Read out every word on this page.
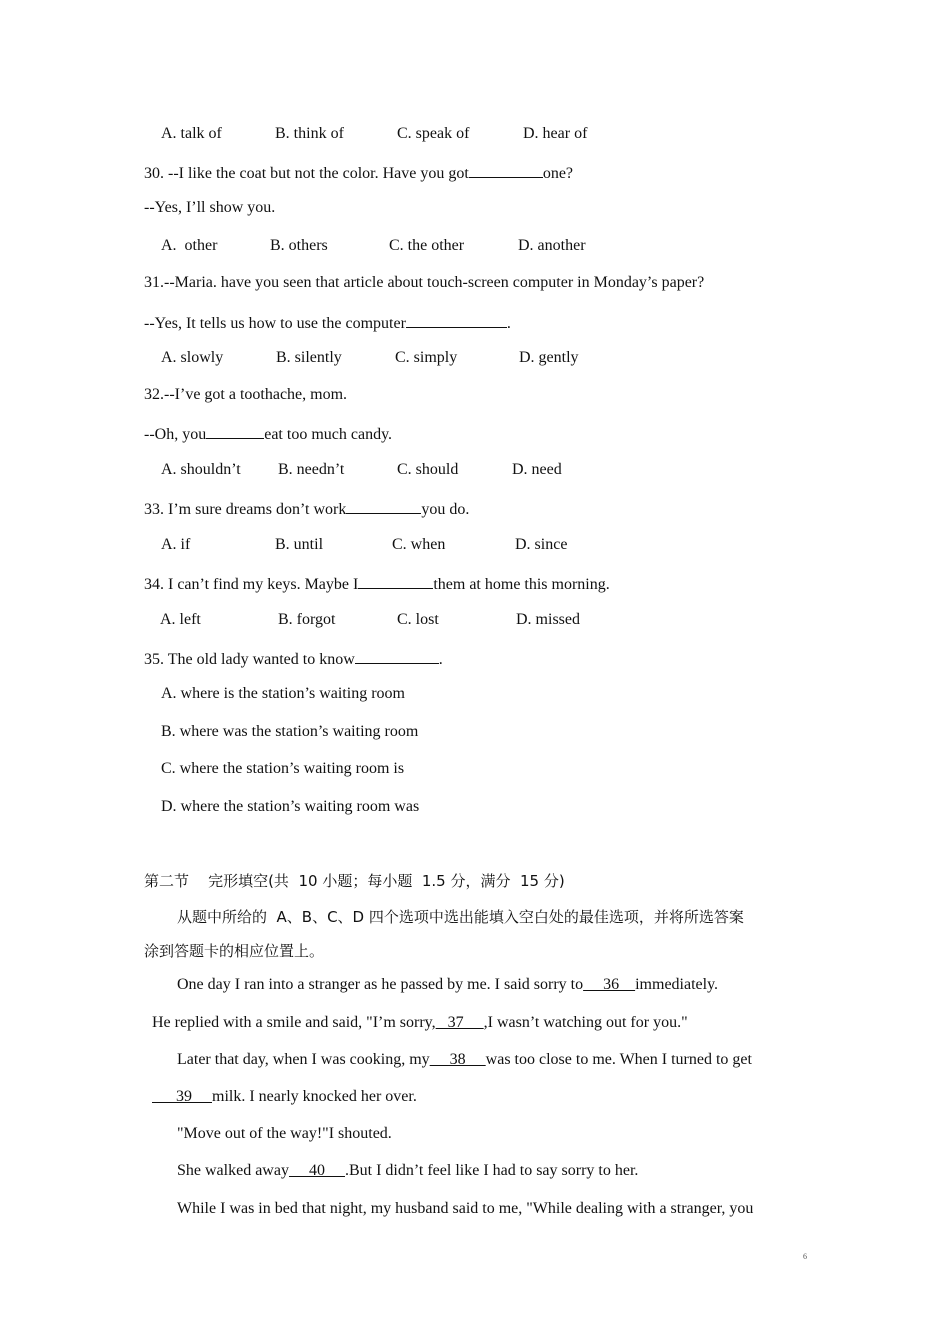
A. talk of	B. think of	C. speak of	D. hear of
30. --I like the coat but not the color. Have you got	one?
--Yes, I’ll show you.
A.  other	B. others	C. the other	D. another
31.--Maria. have you seen that article about touch-screen computer in Monday’s paper?
--Yes, It tells us how to use the computer	.
A. slowly	B. silently	C. simply	D. gently
32.--I’ve got a toothache, mom.
--Oh, you	eat too much candy.
A. shouldn’t B. needn’t	C. should	D. need
33. I’m sure dreams don’t work	you do.
A. if	B. until	C. when	D. since
34. I can’t find my keys. Maybe I	them at home this morning.
A. left	B. forgot	C. lost	D. missed
35. The old lady wanted to know	.
A. where is the station’s waiting room
B. where was the station’s waiting room
C. where the station’s waiting room is
D. where the station’s waiting room was
第二节    完形填空(共  10 小题；每小题  1.5 分，满分  15 分)
从题中所给的  A、B、C、D 四个选项中选出能填入空白处的最佳选项，并将所选答案
涂到答题卡的相应位置上。
One day I ran into a stranger as he passed by me. I said sorry to     36    immediately.
He replied with a smile and said, "I’m sorry,   37     ,I wasn’t watching out for you."
Later that day, when I was cooking, my     38     was too close to me. When I turned to get
39     milk. I nearly knocked her over.
"Move out of the way!"I shouted.
She walked away     40     .But I didn’t feel like I had to say sorry to her.
While I was in bed that night, my husband said to me, "While dealing with a stranger, you
6
